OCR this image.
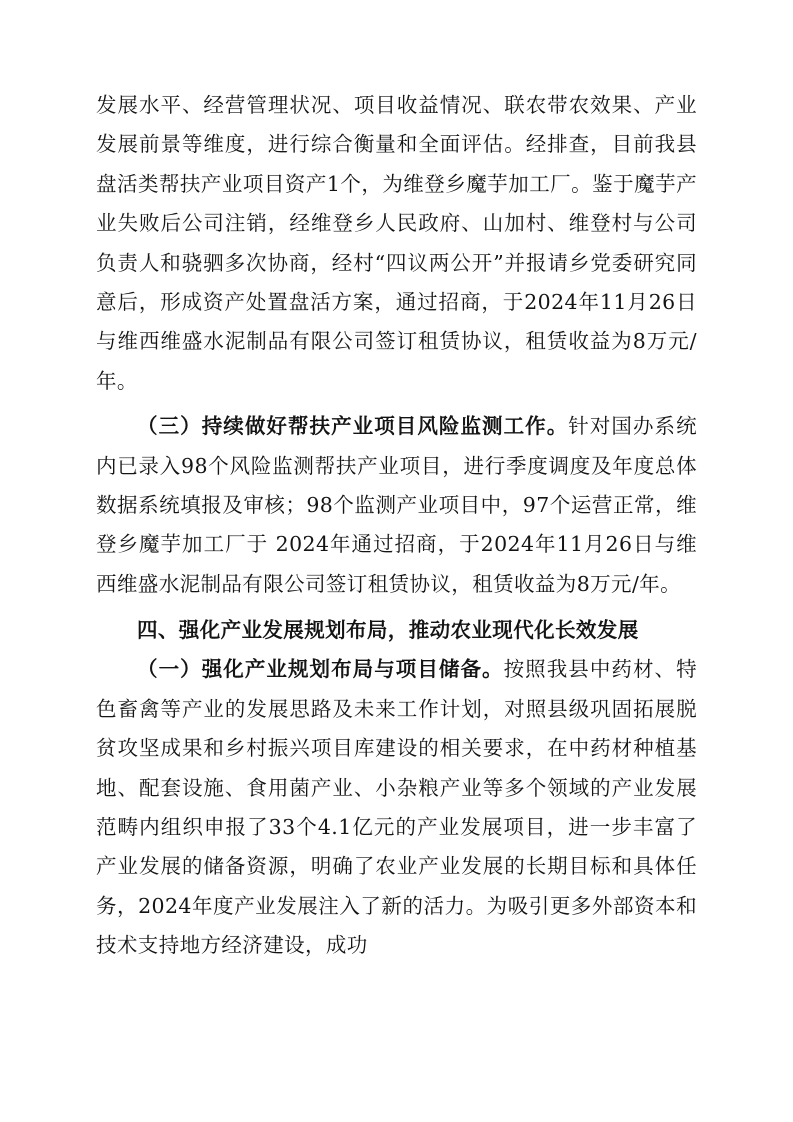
发展水平、经营管理状况、项目收益情况、联农带农效果、产业发展前景等维度，进行综合衡量和全面评估。经排查，目前我县盘活类帮扶产业项目资产1个，为维登乡魔芋加工厂。鉴于魔芋产业失败后公司注销，经维登乡人民政府、山加村、维登村与公司负责人和骁驷多次协商，经村“四议两公开”并报请乡党委研究同意后，形成资产处置盘活方案，通过招商，于2024年11月26日与维西维盛水泥制品有限公司签订租赁协议，租赁收益为8万元/年。

（三）持续做好帮扶产业项目风险监测工作。针对国办系统内已录入98个风险监测帮扶产业项目，进行季度调度及年度总体数据系统填报及审核；98个监测产业项目中，97个运营正常，维登乡魔芋加工厂于 2024年通过招商，于2024年11月26日与维西维盛水泥制品有限公司签订租赁协议，租赁收益为8万元/年。

四、强化产业发展规划布局，推动农业现代化长效发展

（一）强化产业规划布局与项目储备。按照我县中药材、特色畜禽等产业的发展思路及未来工作计划，对照县级巩固拓展脱贫攻坚成果和乡村振兴项目库建设的相关要求，在中药材种植基地、配套设施、食用菌产业、小杂粮产业等多个领域的产业发展范畴内组织申报了33个4.1亿元的产业发展项目，进一步丰富了产业发展的储备资源，明确了农业产业发展的长期目标和具体任务，2024年度产业发展注入了新的活力。为吸引更多外部资本和技术支持地方经济建设，成功
